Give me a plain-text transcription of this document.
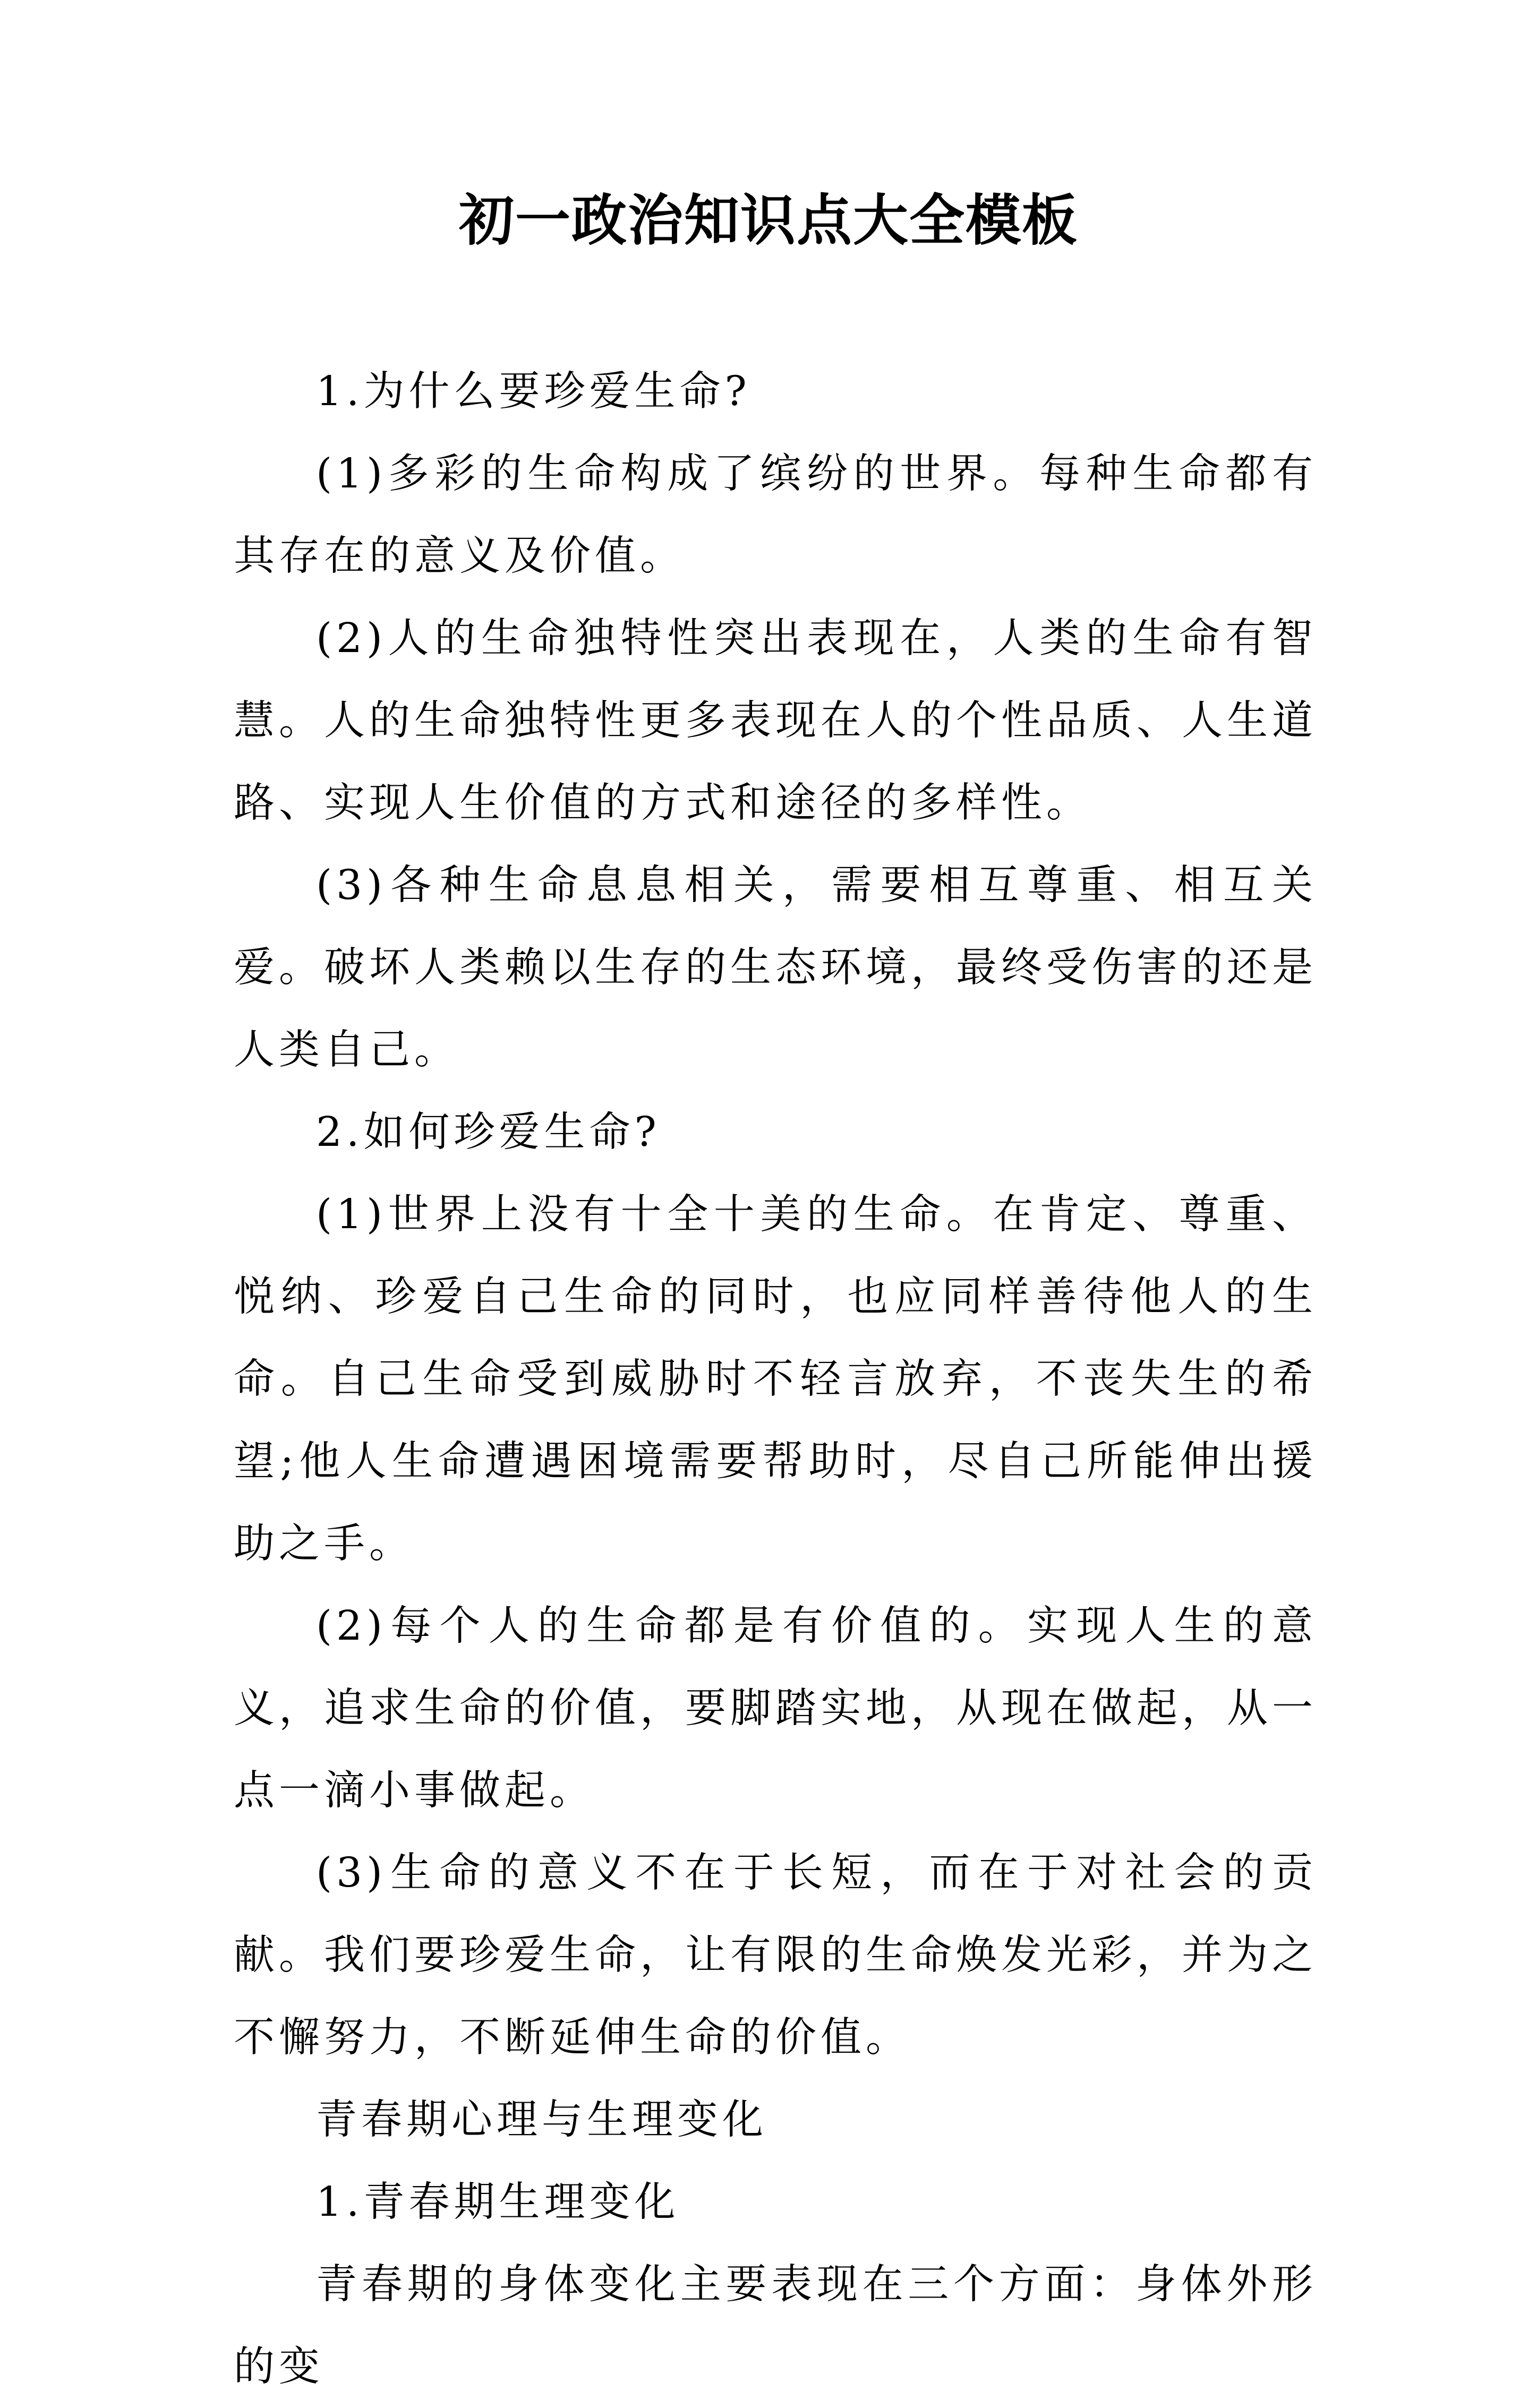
初一政治知识点大全模板

1.为什么要珍爱生命?

(1)多彩的生命构成了缤纷的世界。每种生命都有其存在的意义及价值。

(2)人的生命独特性突出表现在，人类的生命有智慧。人的生命独特性更多表现在人的个性品质、人生道路、实现人生价值的方式和途径的多样性。

(3)各种生命息息相关，需要相互尊重、相互关爱。破坏人类赖以生存的生态环境，最终受伤害的还是人类自己。

2.如何珍爱生命?

(1)世界上没有十全十美的生命。在肯定、尊重、悦纳、珍爱自己生命的同时，也应同样善待他人的生命。自己生命受到威胁时不轻言放弃，不丧失生的希望;他人生命遭遇困境需要帮助时，尽自己所能伸出援助之手。

(2)每个人的生命都是有价值的。实现人生的意义，追求生命的价值，要脚踏实地，从现在做起，从一点一滴小事做起。

(3)生命的意义不在于长短，而在于对社会的贡献。我们要珍爱生命，让有限的生命焕发光彩，并为之不懈努力，不断延伸生命的价值。

青春期心理与生理变化

1.青春期生理变化

青春期的身体变化主要表现在三个方面：身体外形的变
